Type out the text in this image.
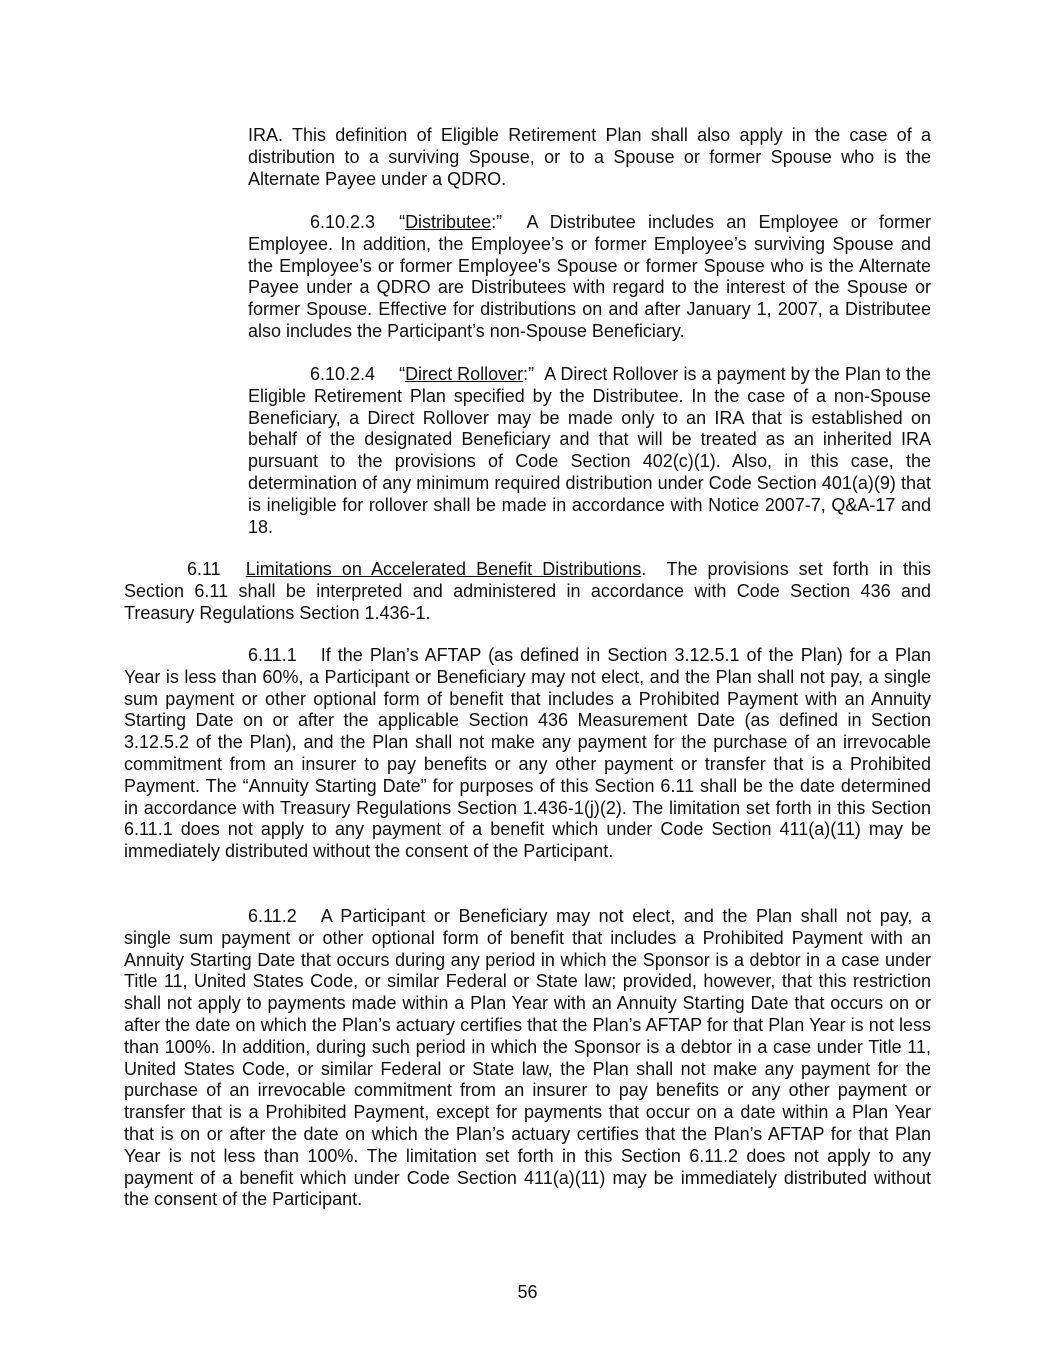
IRA. This definition of Eligible Retirement Plan shall also apply in the case of a distribution to a surviving Spouse, or to a Spouse or former Spouse who is the Alternate Payee under a QDRO.

6.10.2.3 “Distributee:” A Distributee includes an Employee or former Employee. In addition, the Employee’s or former Employee’s surviving Spouse and the Employee’s or former Employee's Spouse or former Spouse who is the Alternate Payee under a QDRO are Distributees with regard to the interest of the Spouse or former Spouse. Effective for distributions on and after January 1, 2007, a Distributee also includes the Participant’s non-Spouse Beneficiary.

6.10.2.4 “Direct Rollover:” A Direct Rollover is a payment by the Plan to the Eligible Retirement Plan specified by the Distributee. In the case of a non-Spouse Beneficiary, a Direct Rollover may be made only to an IRA that is established on behalf of the designated Beneficiary and that will be treated as an inherited IRA pursuant to the provisions of Code Section 402(c)(1). Also, in this case, the determination of any minimum required distribution under Code Section 401(a)(9) that is ineligible for rollover shall be made in accordance with Notice 2007-7, Q&A-17 and 18.

6.11 Limitations on Accelerated Benefit Distributions. The provisions set forth in this Section 6.11 shall be interpreted and administered in accordance with Code Section 436 and Treasury Regulations Section 1.436-1.

6.11.1 If the Plan’s AFTAP (as defined in Section 3.12.5.1 of the Plan) for a Plan Year is less than 60%, a Participant or Beneficiary may not elect, and the Plan shall not pay, a single sum payment or other optional form of benefit that includes a Prohibited Payment with an Annuity Starting Date on or after the applicable Section 436 Measurement Date (as defined in Section 3.12.5.2 of the Plan), and the Plan shall not make any payment for the purchase of an irrevocable commitment from an insurer to pay benefits or any other payment or transfer that is a Prohibited Payment. The “Annuity Starting Date” for purposes of this Section 6.11 shall be the date determined in accordance with Treasury Regulations Section 1.436-1(j)(2). The limitation set forth in this Section 6.11.1 does not apply to any payment of a benefit which under Code Section 411(a)(11) may be immediately distributed without the consent of the Participant.

6.11.2 A Participant or Beneficiary may not elect, and the Plan shall not pay, a single sum payment or other optional form of benefit that includes a Prohibited Payment with an Annuity Starting Date that occurs during any period in which the Sponsor is a debtor in a case under Title 11, United States Code, or similar Federal or State law; provided, however, that this restriction shall not apply to payments made within a Plan Year with an Annuity Starting Date that occurs on or after the date on which the Plan’s actuary certifies that the Plan’s AFTAP for that Plan Year is not less than 100%. In addition, during such period in which the Sponsor is a debtor in a case under Title 11, United States Code, or similar Federal or State law, the Plan shall not make any payment for the purchase of an irrevocable commitment from an insurer to pay benefits or any other payment or transfer that is a Prohibited Payment, except for payments that occur on a date within a Plan Year that is on or after the date on which the Plan’s actuary certifies that the Plan’s AFTAP for that Plan Year is not less than 100%. The limitation set forth in this Section 6.11.2 does not apply to any payment of a benefit which under Code Section 411(a)(11) may be immediately distributed without the consent of the Participant.

56
